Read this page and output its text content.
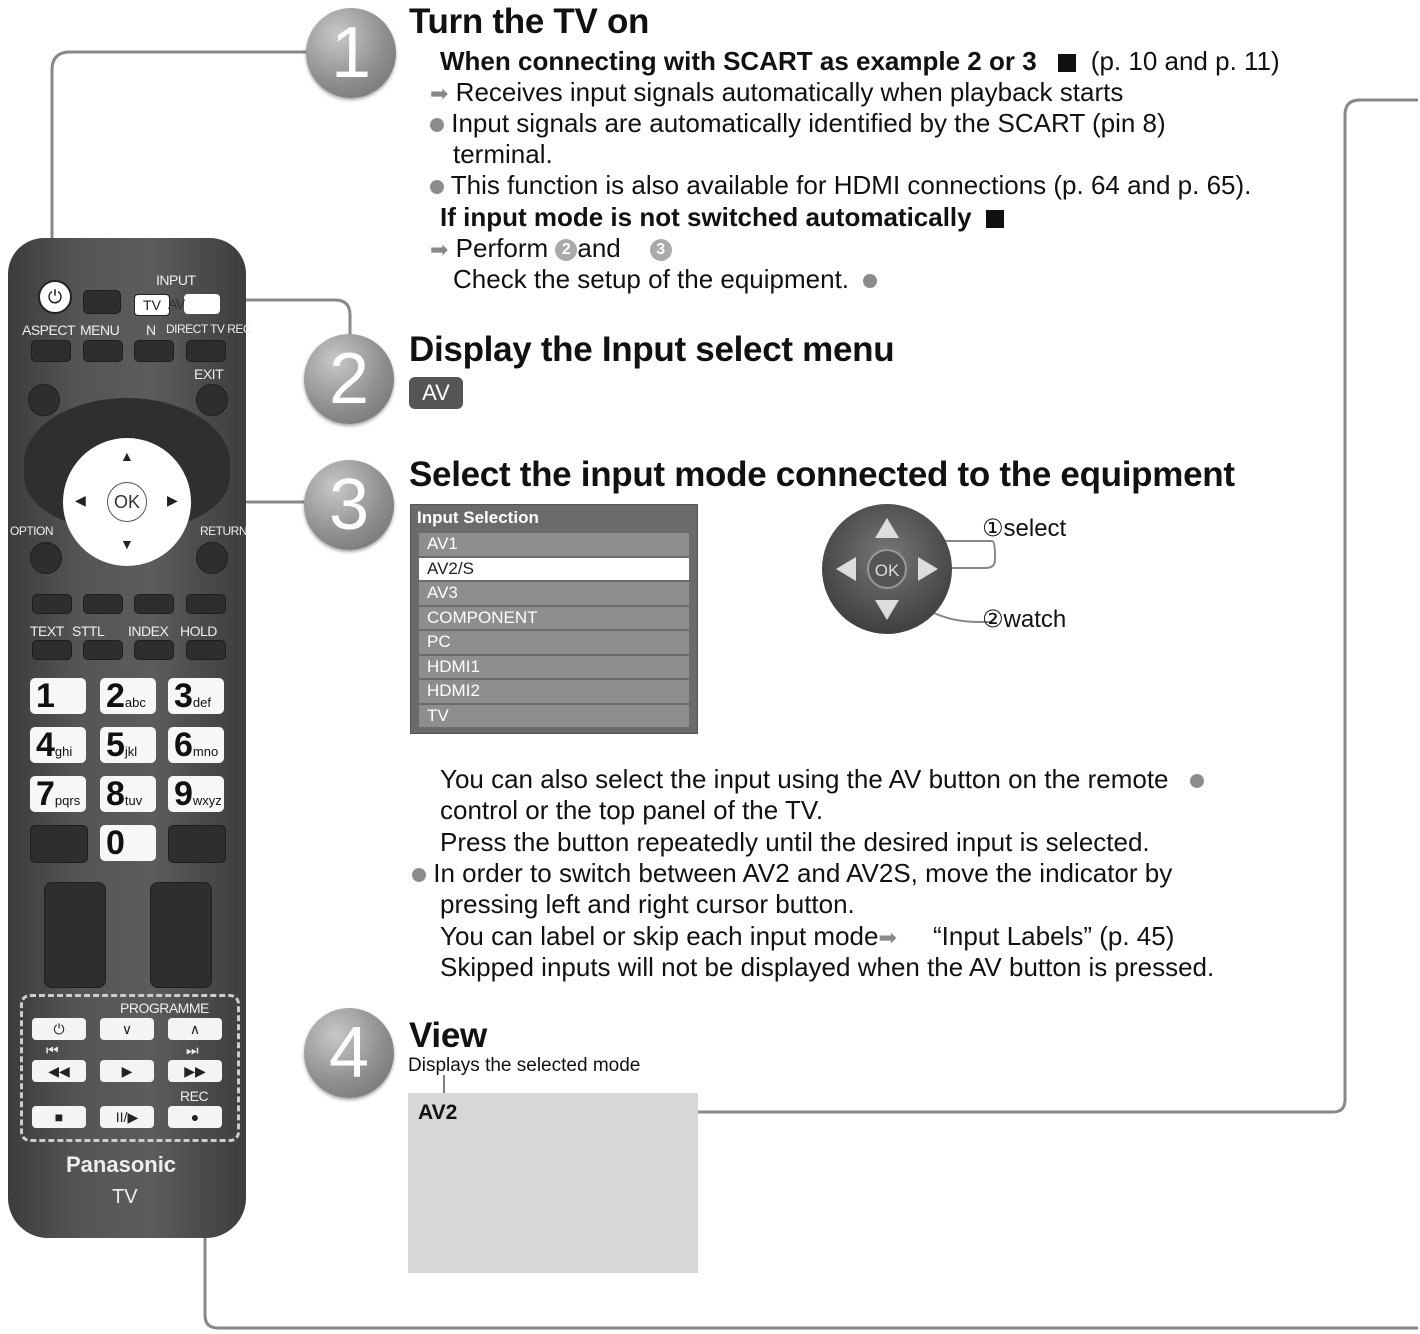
1	Turn the TV on
When connecting with SCART as example 2 or 3 (p. 10 and p. 11)
➡ Receives input signals automatically when playback starts
Input signals are automatically identified by the SCART (pin 8)
terminal.
This function is also available for HDMI connections (p. 64 and p. 65).
If input mode is not switched automatically
➡ Perform 2 and 3
Check the setup of the equipment.
2	Display the Input select menu
AV
3	Select the input mode connected to the equipment
Input Selection
AV1
AV2/S
AV3
COMPONENT
PC
HDMI1
HDMI2
TV
OK
①select
②watch
You can also select the input using the AV button on the remote
control or the top panel of the TV.
Press the button repeatedly until the desired input is selected.
In order to switch between AV2 and AV2S, move the indicator by
pressing left and right cursor button.
You can label or skip each input mode➡ “Input Labels” (p. 45)
Skipped inputs will not be displayed when the AV button is pressed.
4	View
Displays the selected mode
AV2
⏻
INPUT
TV AV
ASPECT MENU N DIRECT TV REC
EXIT
OK
▲
▼
◀	▶
OPTION	RETURN
TEXT STTL INDEX HOLD
1	2abc 3def
4ghi 5jkl	6mno
7pqrs 8tuv 9wxyz
0
PROGRAMME
⏻	∨	∧
⏮	⏭
◀◀	▶	▶▶
REC
■	II/▶	●
Panasonic
TV
